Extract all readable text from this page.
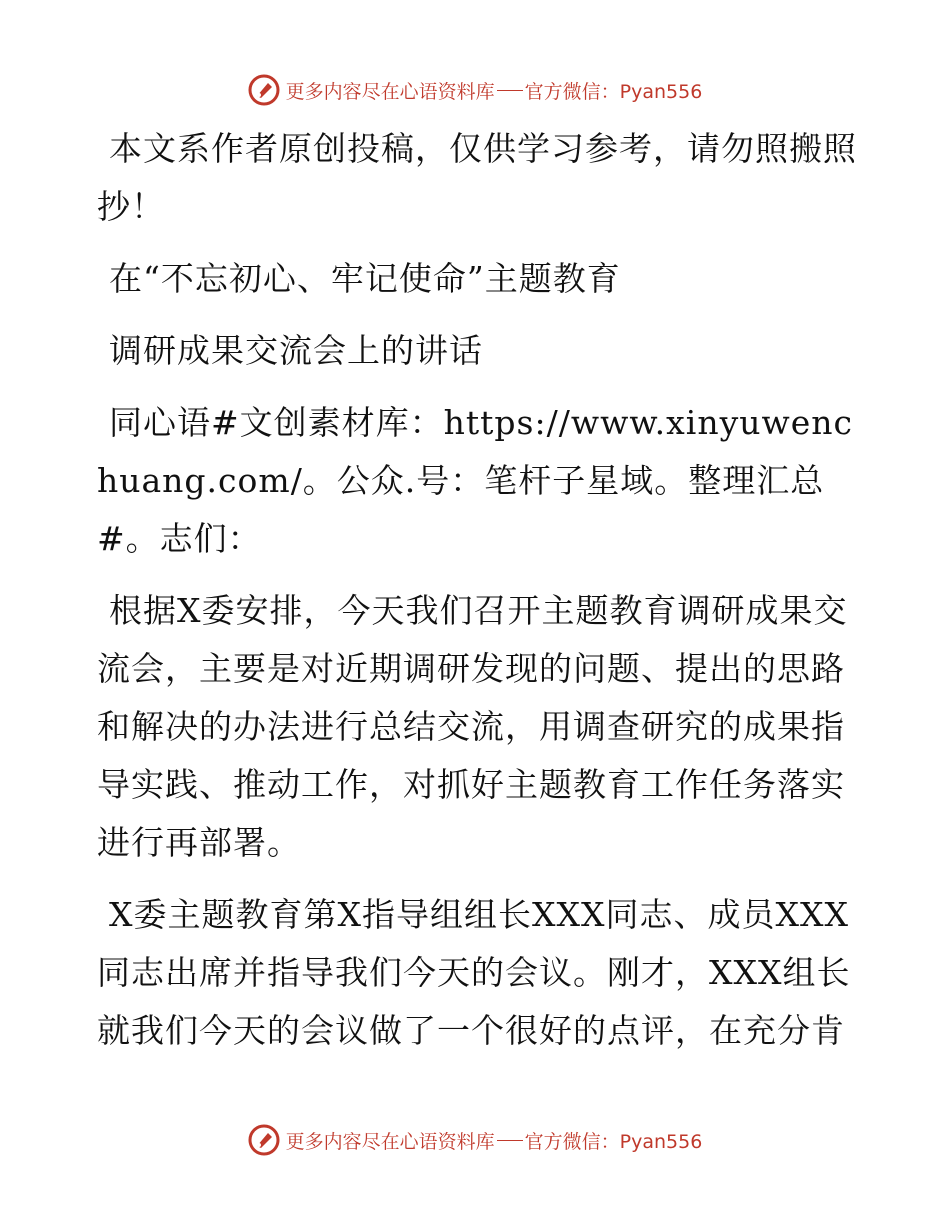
更多内容尽在心语资料库 官方微信：Pyan556

本文系作者原创投稿，仅供学习参考，请勿照搬照抄！

在“不忘初心、牢记使命”主题教育

调研成果交流会上的讲话

同心语#文创素材库：https://www.xinyuwenchuang.com/。公众.号：笔杆子星域。整理汇总#。志们：

根据X委安排，今天我们召开主题教育调研成果交流会，主要是对近期调研发现的问题、提出的思路和解决的办法进行总结交流，用调查研究的成果指导实践、推动工作，对抓好主题教育工作任务落实进行再部署。

X委主题教育第X指导组组长XXX同志、成员XXX同志出席并指导我们今天的会议。刚才，XXX组长就我们今天的会议做了一个很好的点评，在充分肯

更多内容尽在心语资料库 官方微信：Pyan556
